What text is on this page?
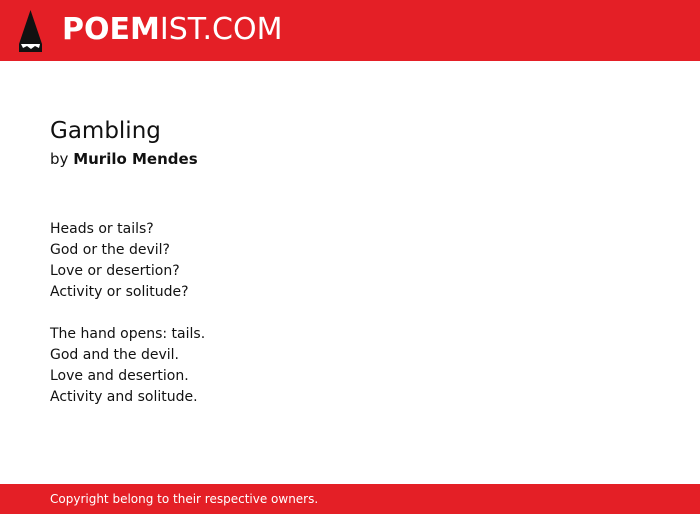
POEMIST.COM
Gambling
by Murilo Mendes
Heads or tails?
God or the devil?
Love or desertion?
Activity or solitude?
The hand opens: tails.
God and the devil.
Love and desertion.
Activity and solitude.
Copyright belong to their respective owners.
